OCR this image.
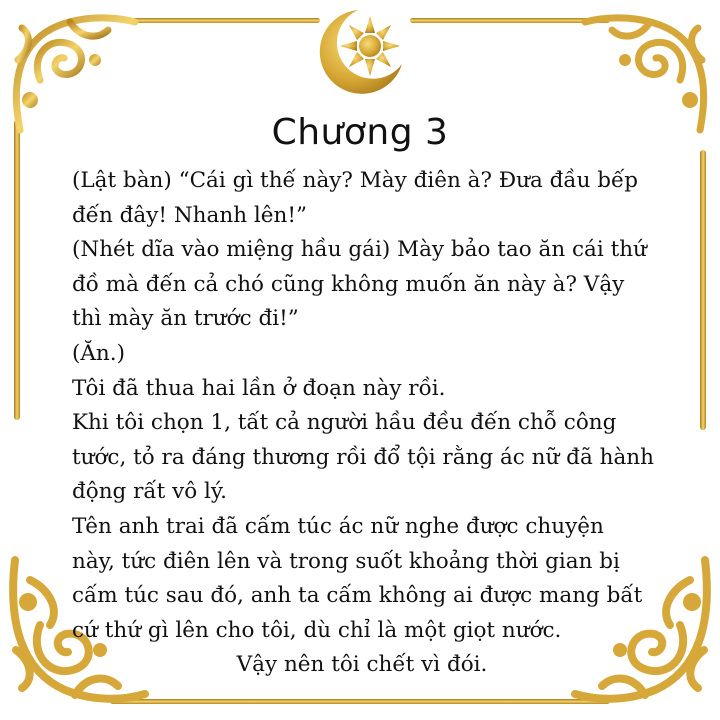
Chương 3

(Lật bàn) “Cái gì thế này? Mày điên à? Đưa đầu bếp

đến đây! Nhanh lên!”

(Nhét dĩa vào miệng hầu gái) Mày bảo tao ăn cái thứ

đồ mà đến cả chó cũng không muốn ăn này à? Vậy

thì mày ăn trước đi!”

(Ăn.)

Tôi đã thua hai lần ở đoạn này rồi.

Khi tôi chọn 1, tất cả người hầu đều đến chỗ công

tước, tỏ ra đáng thương rồi đổ tội rằng ác nữ đã hành

động rất vô lý.

Tên anh trai đã cấm túc ác nữ nghe được chuyện

này, tức điên lên và trong suốt khoảng thời gian bị

cấm túc sau đó, anh ta cấm không ai được mang bất

cứ thứ gì lên cho tôi, dù chỉ là một giọt nước.

Vậy nên tôi chết vì đói.
